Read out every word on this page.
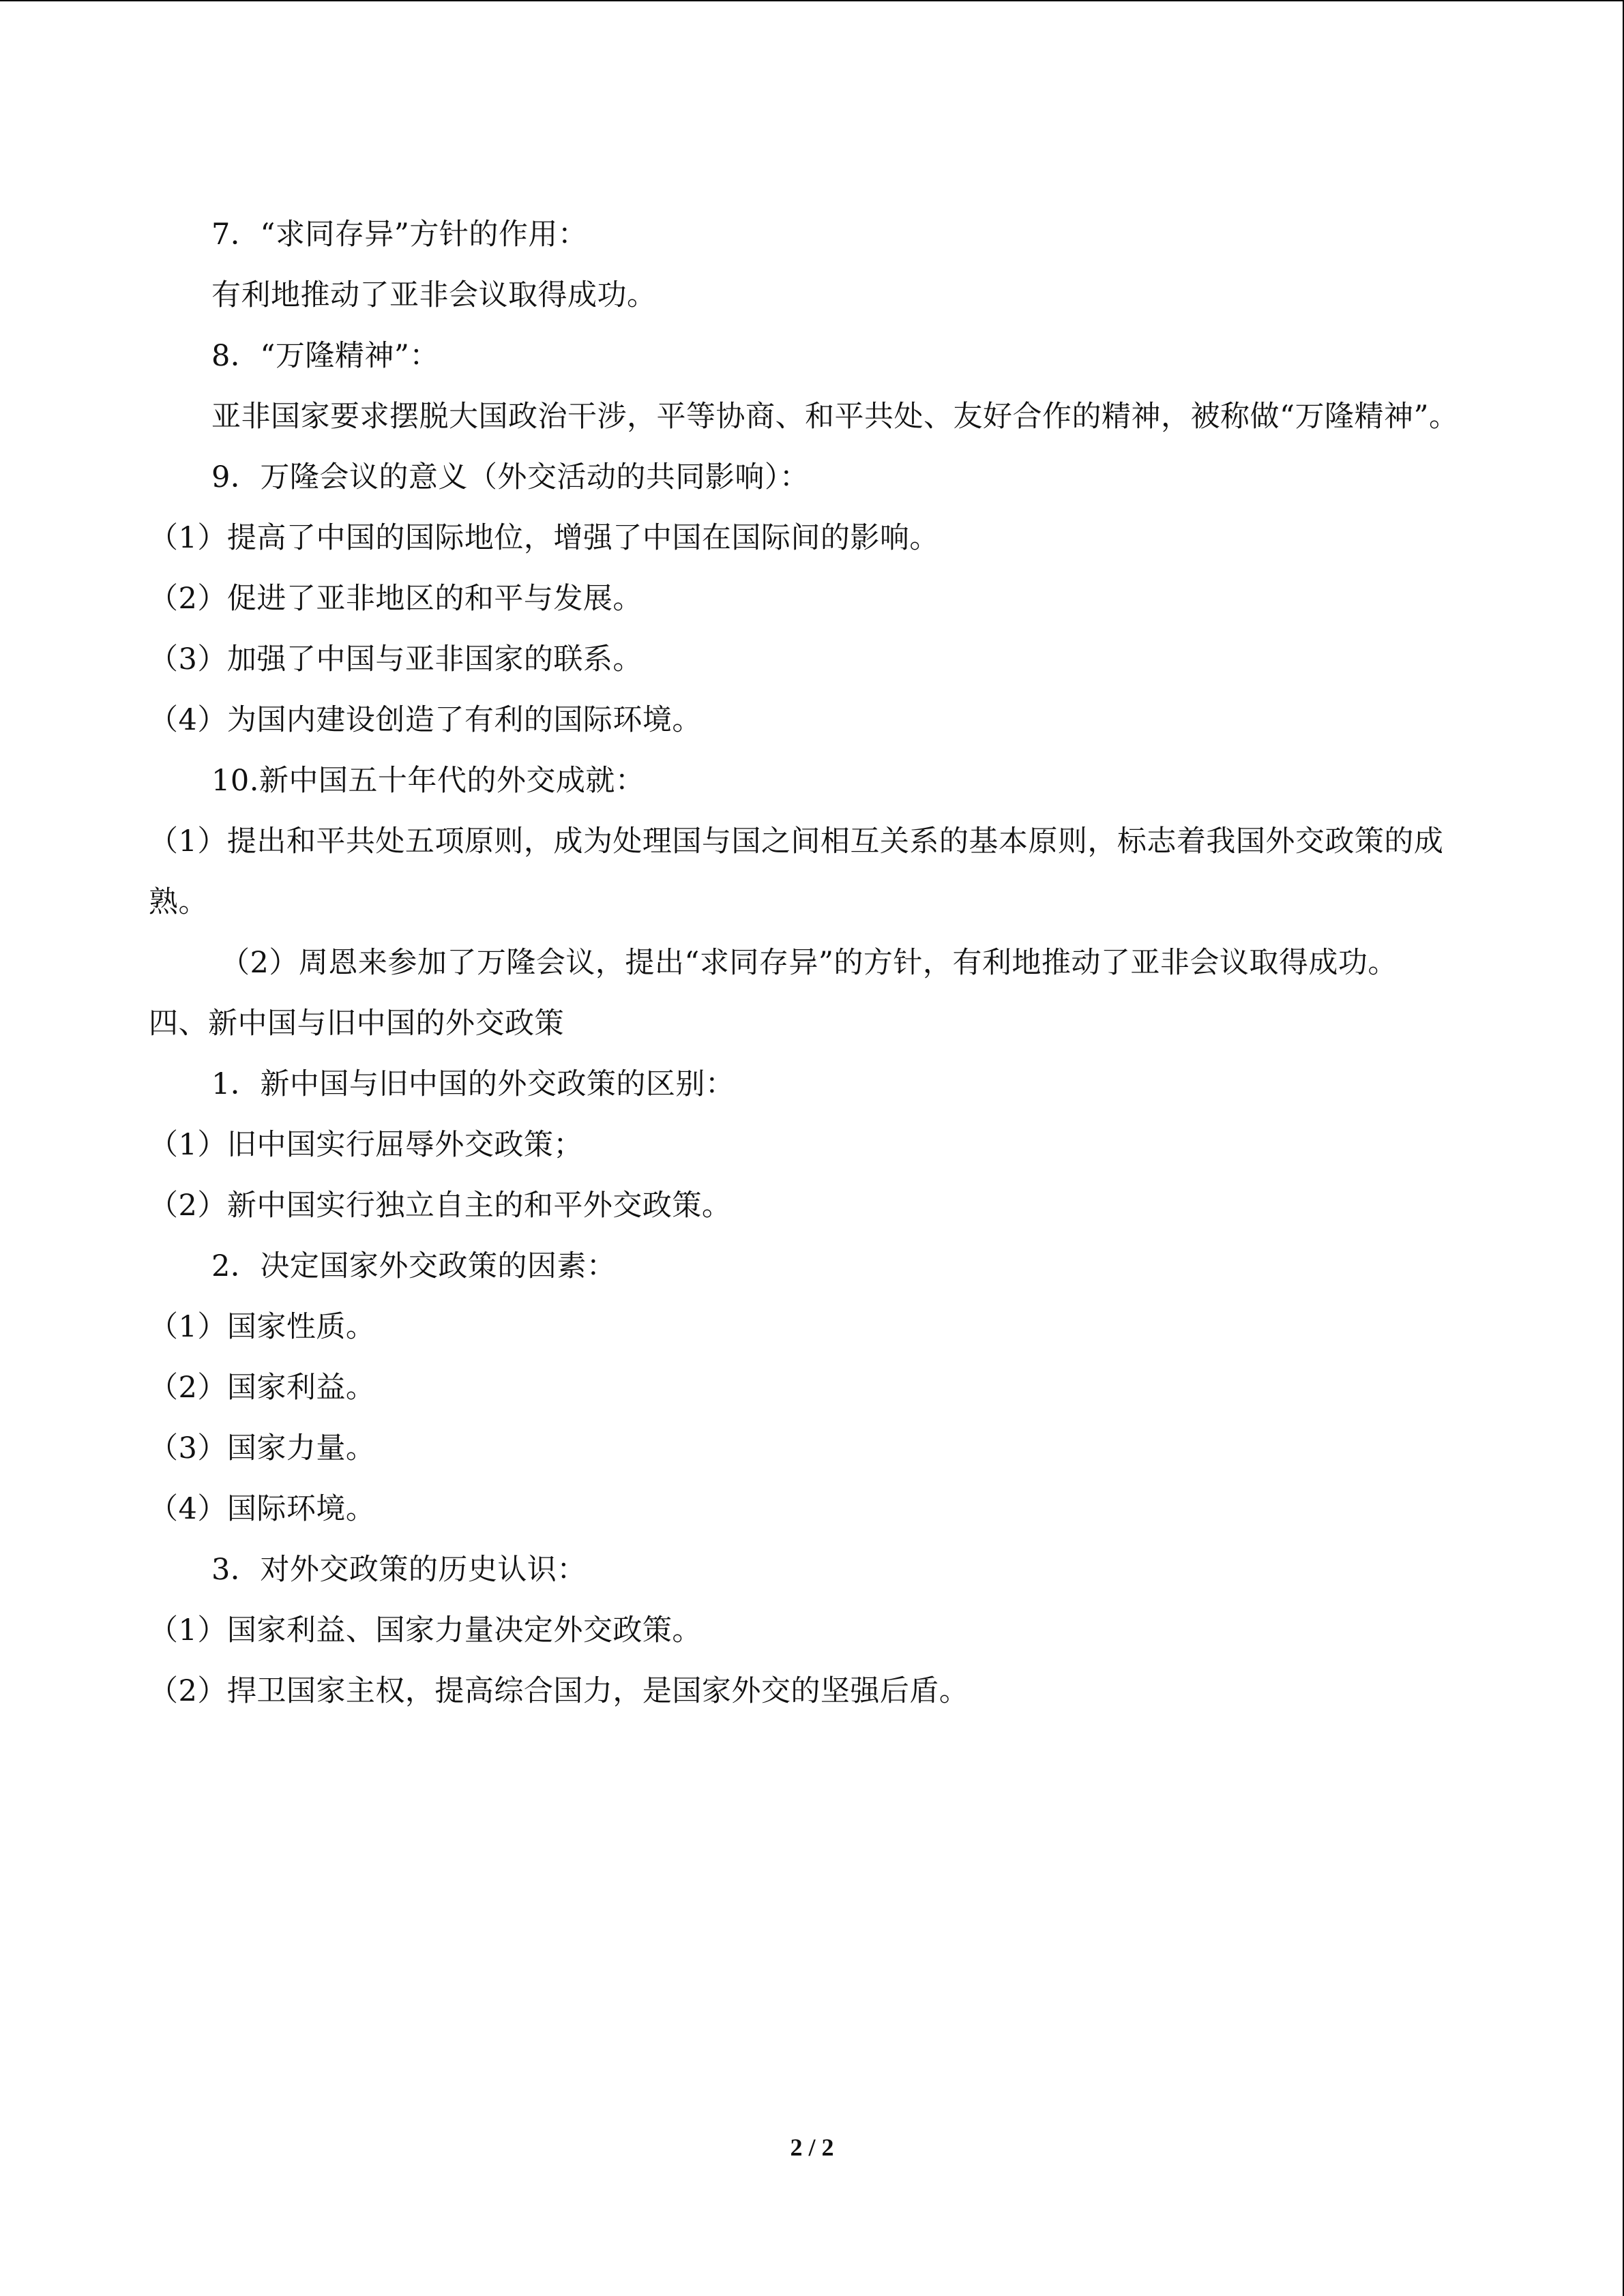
7．“求同存异”方针的作用：
有利地推动了亚非会议取得成功。
8．“万隆精神”：
亚非国家要求摆脱大国政治干涉，平等协商、和平共处、友好合作的精神，被称做“万隆精神”。
9．万隆会议的意义（外交活动的共同影响）：
（1）提高了中国的国际地位，增强了中国在国际间的影响。
（2）促进了亚非地区的和平与发展。
（3）加强了中国与亚非国家的联系。
（4）为国内建设创造了有利的国际环境。
10.新中国五十年代的外交成就：
（1）提出和平共处五项原则，成为处理国与国之间相互关系的基本原则，标志着我国外交政策的成熟。
（2）周恩来参加了万隆会议，提出“求同存异”的方针，有利地推动了亚非会议取得成功。
四、新中国与旧中国的外交政策
1．新中国与旧中国的外交政策的区别：
（1）旧中国实行屈辱外交政策；
（2）新中国实行独立自主的和平外交政策。
2．决定国家外交政策的因素：
（1）国家性质。
（2）国家利益。
（3）国家力量。
（4）国际环境。
3．对外交政策的历史认识：
（1）国家利益、国家力量决定外交政策。
（2）捍卫国家主权，提高综合国力，是国家外交的坚强后盾。
2 / 2
